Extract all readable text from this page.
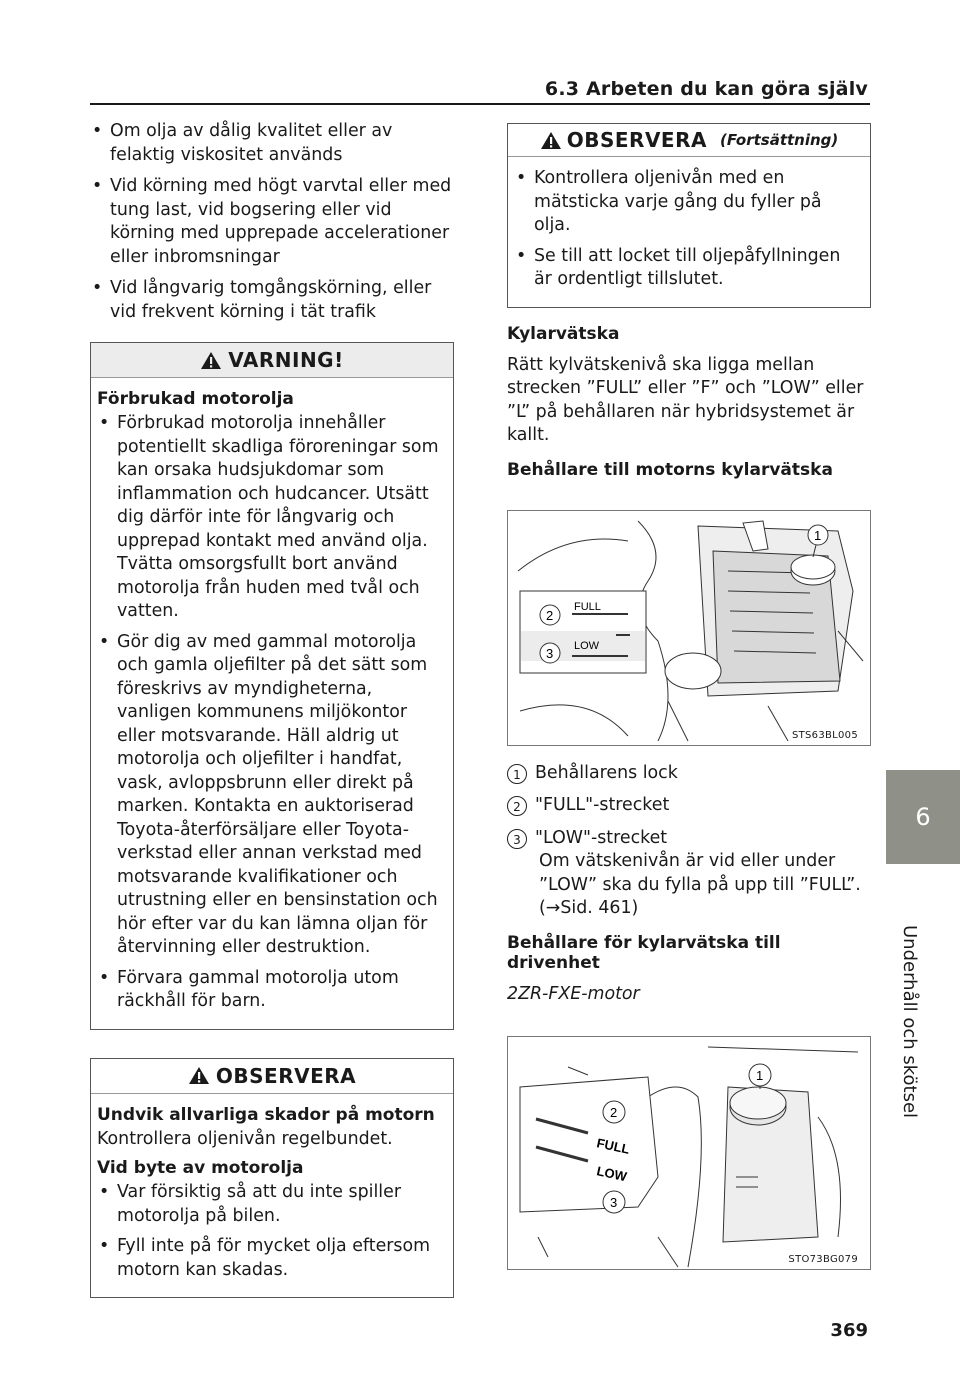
6.3 Arbeten du kan göra själv
• Om olja av dålig kvalitet eller av felaktig viskositet används
• Vid körning med högt varvtal eller med tung last, vid bogsering eller vid körning med upprepade accelerationer eller inbromsningar
• Vid långvarig tomgångskörning, eller vid frekvent körning i tät trafik
VARNING!
Förbrukad motorolja
• Förbrukad motorolja innehåller potentiellt skadliga föroreningar som kan orsaka hudsjukdomar som inflammation och hudcancer. Utsätt dig därför inte för långvarig och upprepad kontakt med använd olja. Tvätta omsorgsfullt bort använd motorolja från huden med tvål och vatten.
• Gör dig av med gammal motorolja och gamla oljefilter på det sätt som föreskrivs av myndigheterna, vanligen kommunens miljökontor eller motsvarande. Häll aldrig ut motorolja och oljefilter i handfat, vask, avloppsbrunn eller direkt på marken. Kontakta en auktoriserad Toyota-återförsäljare eller Toyota-verkstad eller annan verkstad med motsvarande kvalifikationer och utrustning eller en bensinstation och hör efter var du kan lämna oljan för återvinning eller destruktion.
• Förvara gammal motorolja utom räckhåll för barn.
OBSERVERA
Undvik allvarliga skador på motorn
Kontrollera oljenivån regelbundet.
Vid byte av motorolja
• Var försiktig så att du inte spiller motorolja på bilen.
• Fyll inte på för mycket olja eftersom motorn kan skadas.
OBSERVERA (Fortsättning)
• Kontrollera oljenivån med en mätsticka varje gång du fyller på olja.
• Se till att locket till oljepåfyllningen är ordentligt tillslutet.
Kylarvätska
Rätt kylvätskenivå ska ligga mellan strecken ”FULL” eller ”F” och ”LOW” eller ”L” på behållaren när hybridsystemet är kallt.
Behållare till motorns kylarvätska
FULL
LOW
2
3
1
STS63BL005
1 Behållarens lock
2 "FULL"-strecket
3 "LOW"-strecket
Om vätskenivån är vid eller under ”LOW” ska du fylla på upp till ”FULL”. (→Sid. 461)
Behållare för kylarvätska till drivenhet
2ZR-FXE-motor
FULL
LOW
2
3
1
STO73BG079
6
Underhåll och skötsel
369
